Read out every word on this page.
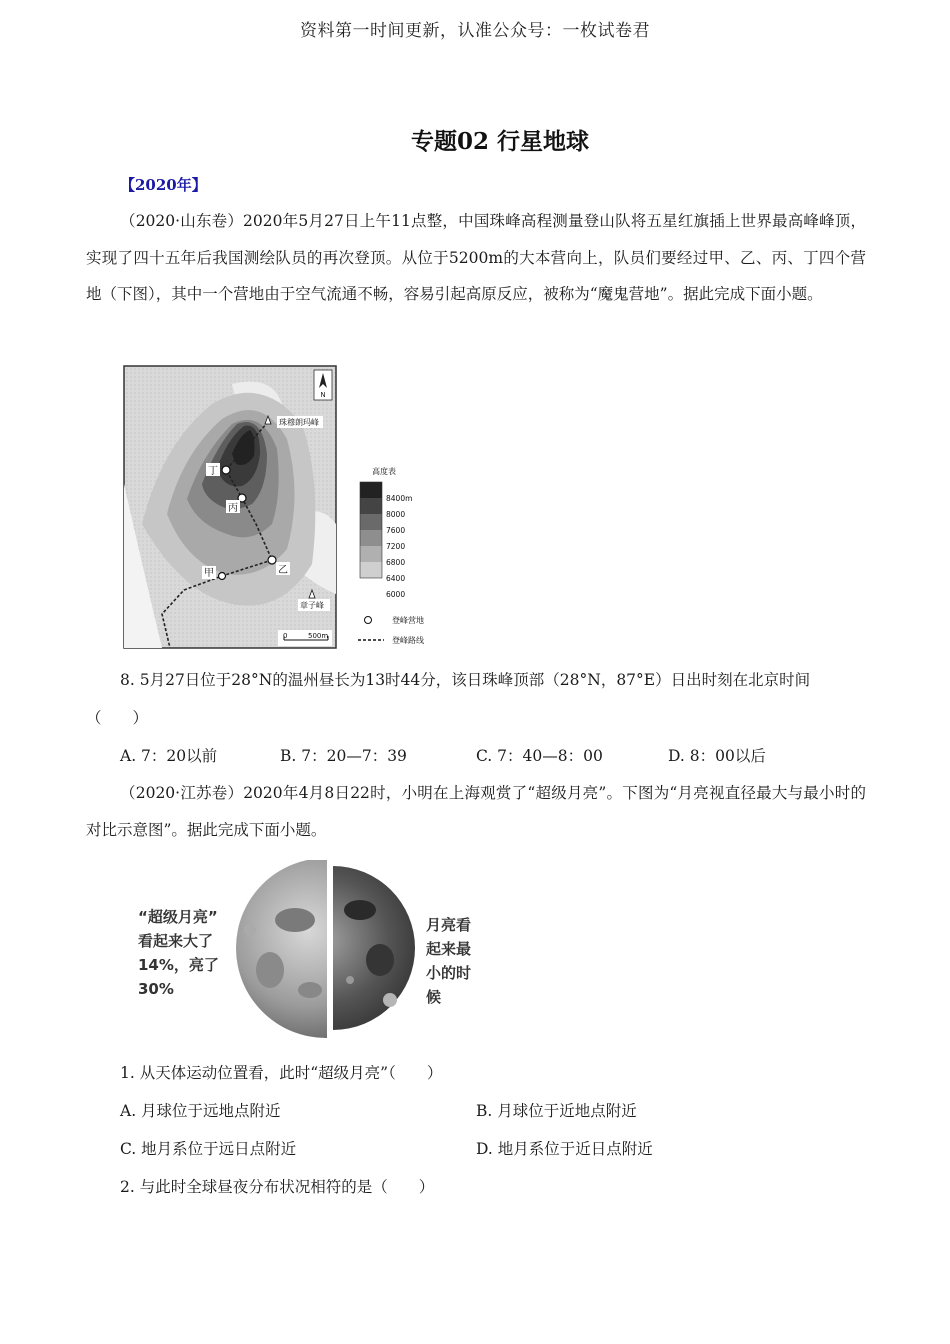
资料第一时间更新，认准公众号：一枚试卷君
专题02 行星地球
【2020年】
（2020·山东卷）2020年5月27日上午11点整，中国珠峰高程测量登山队将五星红旗插上世界最高峰峰顶，实现了四十五年后我国测绘队员的再次登顶。从位于5200m的大本营向上，队员们要经过甲、乙、丙、丁四个营地（下图），其中一个营地由于空气流通不畅，容易引起高原反应，被称为“魔鬼营地”。据此完成下面小题。
N
珠穆朗玛峰
章子峰
丁
丙
乙
甲
0	500m
高度表
8400m
8000
7600
7200
6800
6400
6000
登峰营地
登峰路线
8. 5月27日位于28°N的温州昼长为13时44分，该日珠峰顶部（28°N，87°E）日出时刻在北京时间
（　　）
A. 7：20以前	B. 7：20—7：39	C. 7：40—8：00	D. 8：00以后
（2020·江苏卷）2020年4月8日22时，小明在上海观赏了“超级月亮”。下图为“月亮视直径最大与最小时的对比示意图”。据此完成下面小题。
“超级月亮”
看起来大了
14%，亮了
30%
月亮看
起来最
小的时
候
1. 从天体运动位置看，此时“超级月亮”（　　）
A. 月球位于远地点附近	B. 月球位于近地点附近
C. 地月系位于远日点附近	D. 地月系位于近日点附近
2. 与此时全球昼夜分布状况相符的是（　　）
